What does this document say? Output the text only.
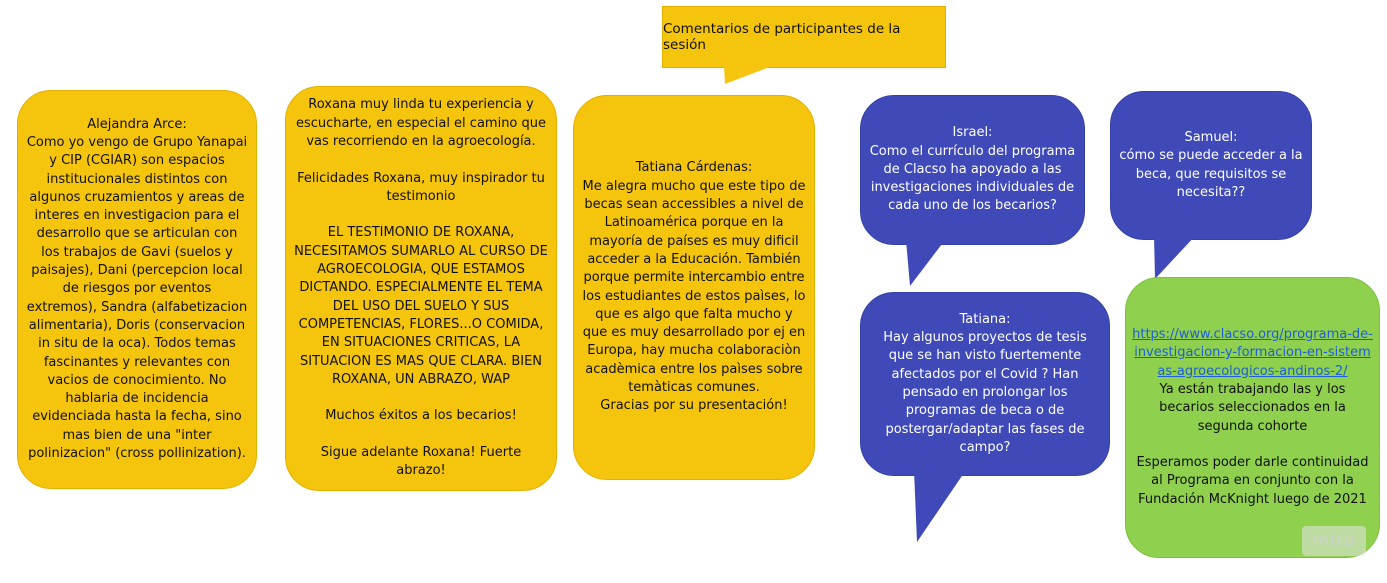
Comentarios de participantes de la sesión
Alejandra Arce:
Como yo vengo de Grupo Yanapai y CIP (CGIAR) son espacios institucionales distintos con algunos cruzamientos y areas de interes en investigacion para el desarrollo que se articulan con los trabajos de Gavi (suelos y paisajes), Dani (percepcion local de riesgos por eventos extremos), Sandra (alfabetizacion alimentaria), Doris (conservacion in situ de la oca). Todos temas fascinantes y relevantes con vacios de conocimiento. No hablaria de incidencia evidenciada hasta la fecha, sino mas bien de una "inter polinizacion" (cross pollinization).
Roxana muy linda tu experiencia y escucharte, en especial el camino que vas recorriendo en la agroecología.

Felicidades Roxana, muy inspirador tu testimonio

EL TESTIMONIO DE ROXANA, NECESITAMOS SUMARLO AL CURSO DE AGROECOLOGIA, QUE ESTAMOS DICTANDO. ESPECIALMENTE EL TEMA DEL USO DEL SUELO Y SUS COMPETENCIAS, FLORES...O COMIDA, EN SITUACIONES CRITICAS, LA SITUACION ES MAS QUE CLARA. BIEN ROXANA, UN ABRAZO, WAP

Muchos éxitos a los becarios!

Sigue adelante Roxana! Fuerte abrazo!
Tatiana Cárdenas:
Me alegra mucho que este tipo de becas sean accessibles a nivel de Latinoamérica porque en la mayoría de países es muy dificil acceder a la Educación. También porque permite intercambio entre los estudiantes de estos paìses, lo que es algo que falta mucho y que es muy desarrollado por ej en Europa, hay mucha colaboraciòn acadèmica entre los paìses sobre temàticas comunes.
Gracias por su presentación!
Israel:
Como el currículo del programa de Clacso ha apoyado a las investigaciones individuales de cada uno de los becarios?
Samuel:
cómo se puede acceder a la beca, que requisitos se necesita??
Tatiana:
Hay algunos proyectos de tesis que se han visto fuertemente afectados por el Covid ? Han pensado en prolongar los programas de beca o de postergar/adaptar las fases de campo?
https://www.clacso.org/programa-de-investigacion-y-formacion-en-sistemas-agroecologicos-andinos-2/
Ya están trabajando las y los becarios seleccionados en la segunda cohorte

Esperamos poder darle continuidad al Programa en conjunto con la Fundación McKnight luego de 2021
miro
